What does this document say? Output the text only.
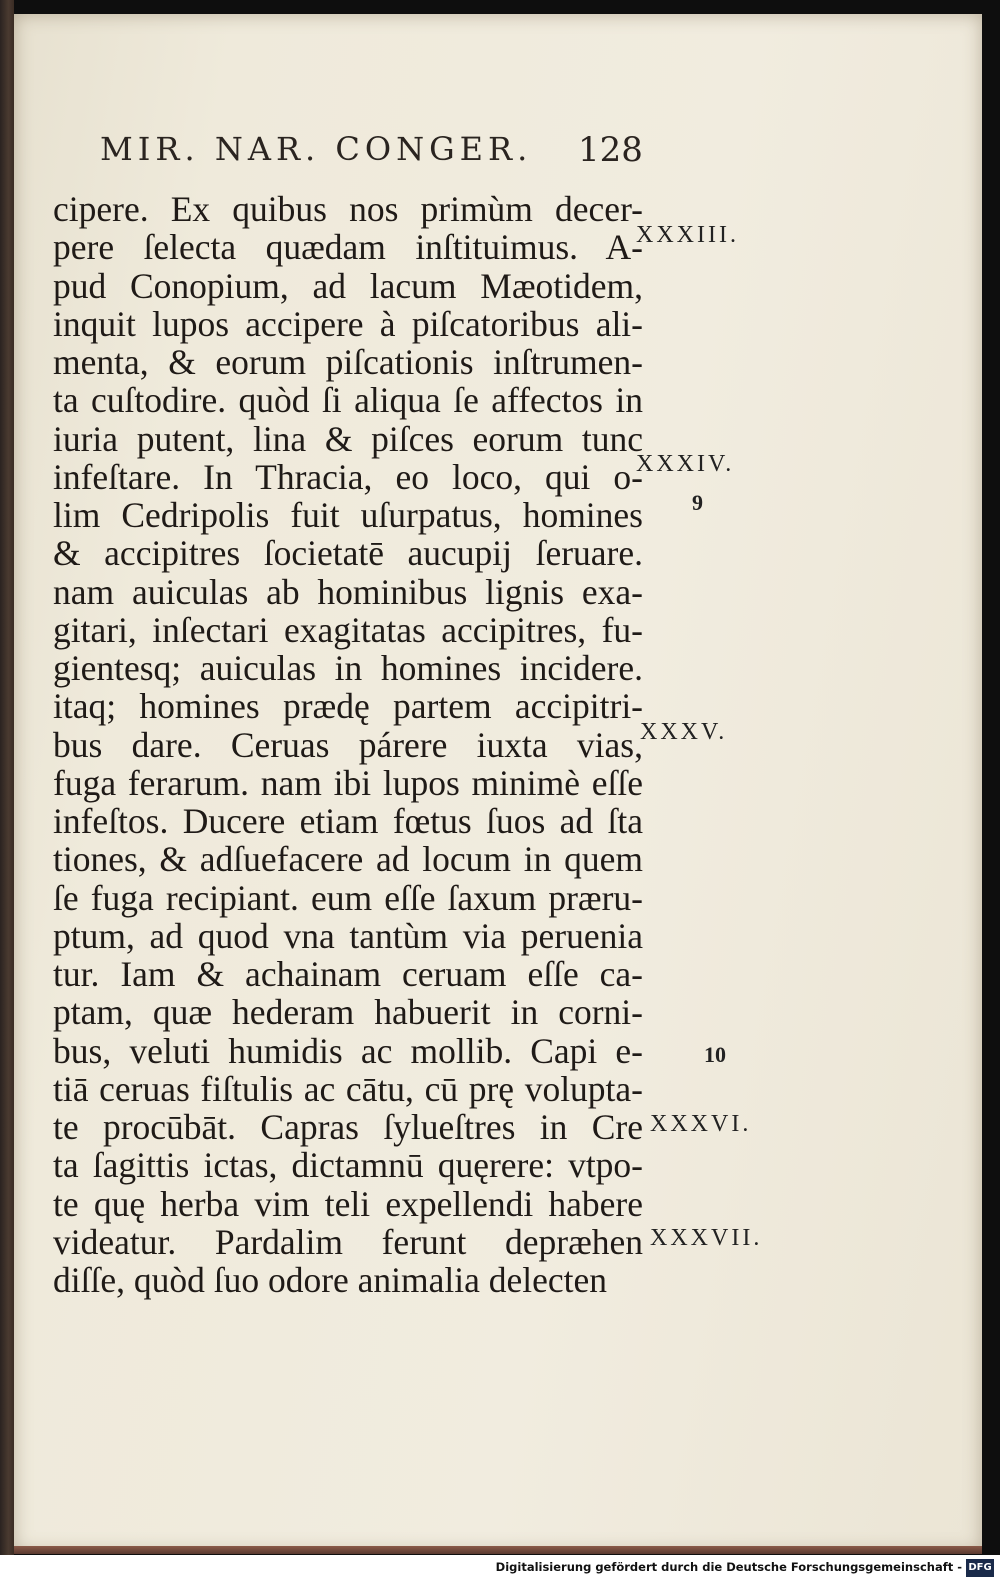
MIR. NAR. CONGER.	128
cipere. Ex quibus nos primùm decer-
pere ſelecta quædam inſtituimus. A-
pud Conopium, ad lacum Mæotidem,
inquit lupos accipere à piſcatoribus ali-
menta, & eorum piſcationis inſtrumen-
ta cuſtodire. quòd ſi aliqua ſe affectos in
iuria putent, lina & piſces eorum tunc
infeſtare. In Thracia, eo loco, qui o-
lim Cedripolis fuit uſurpatus, homines
& accipitres ſocietatē aucupij ſeruare.
nam auiculas ab hominibus lignis exa-
gitari, inſectari exagitatas accipitres, fu-
gientesq; auiculas in homines incidere.
itaq; homines prædę partem accipitri-
bus dare. Ceruas párere iuxta vias,
fuga ferarum. nam ibi lupos minimè eſſe
infeſtos. Ducere etiam fœtus ſuos ad ſta
tiones, & adſuefacere ad locum in quem
ſe fuga recipiant. eum eſſe ſaxum præru-
ptum, ad quod vna tantùm via peruenia
tur. Iam & achainam ceruam eſſe ca-
ptam, quæ hederam habuerit in corni-
bus, veluti humidis ac mollib. Capi e-
tiā ceruas fiſtulis ac cātu, cū prę volupta-
te procūbāt. Capras ſylueſtres in Cre
ta ſagittis ictas, dictamnū quęrere: vtpo-
te quę herba vim teli expellendi habere
videatur. Pardalim ferunt depræhen
diſſe, quòd ſuo odore animalia delecten
XXXIII.
XXXIV.
9
XXXV.
10
XXXVI.
XXXVII.
Digitalisierung gefördert durch die Deutsche Forschungsgemeinschaft - DFG
